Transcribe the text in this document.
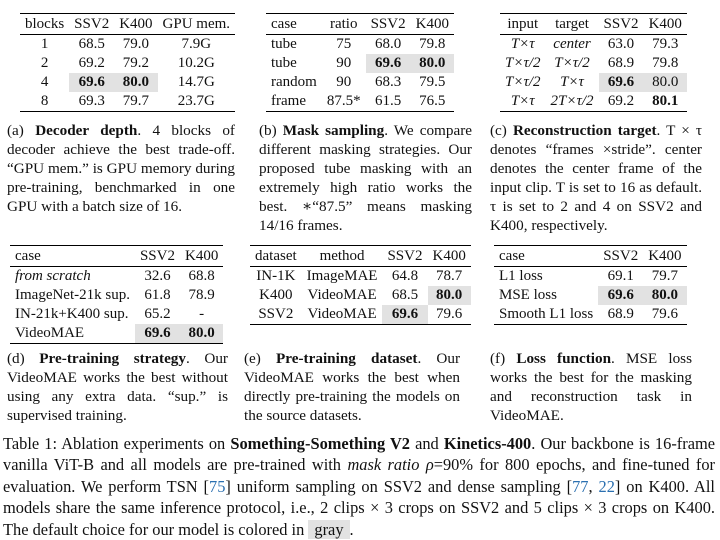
blocks	SSV2	K400	GPU mem.
1	68.5	79.0	7.9G
2	69.2	79.2	10.2G
4	69.6	80.0	14.7G
8	69.3	79.7	23.7G
(a) Decoder depth. 4 blocks of decoder achieve the best trade-off. “GPU mem.” is GPU memory during pre-training, benchmarked in one GPU with a batch size of 16.
case	ratio	SSV2	K400
tube	75	68.0	79.8
tube	90	69.6	80.0
random	90	68.3	79.5
frame	87.5*	61.5	76.5
(b) Mask sampling. We compare different masking strategies. Our proposed tube masking with an extremely high ratio works the best. ∗“87.5” means masking 14/16 frames.
input	target	SSV2	K400
T×τ	center	63.0	79.3
T×τ/2	T×τ/2	68.9	79.8
T×τ/2	T×τ	69.6	80.0
T×τ	2T×τ/2	69.2	80.1
(c) Reconstruction target. T × τ denotes “frames ×stride”. center denotes the center frame of the input clip. T is set to 16 as default. τ is set to 2 and 4 on SSV2 and K400, respectively.
case	SSV2	K400
from scratch	32.6	68.8
ImageNet-21k sup.	61.8	78.9
IN-21k+K400 sup.	65.2	-
VideoMAE	69.6	80.0
(d) Pre-training strategy. Our VideoMAE works the best without using any extra data. “sup.” is supervised training.
dataset	method	SSV2	K400
IN-1K	ImageMAE	64.8	78.7
K400	VideoMAE	68.5	80.0
SSV2	VideoMAE	69.6	79.6
(e) Pre-training dataset. Our VideoMAE works the best when directly pre-training the models on the source datasets.
case	SSV2	K400
L1 loss	69.1	79.7
MSE loss	69.6	80.0
Smooth L1 loss	68.9	79.6
(f) Loss function. MSE loss works the best for the masking and reconstruction task in VideoMAE.
Table 1: Ablation experiments on Something-Something V2 and Kinetics-400. Our backbone is 16-frame vanilla ViT-B and all models are pre-trained with mask ratio ρ=90% for 800 epochs, and fine-tuned for evaluation. We perform TSN [75] uniform sampling on SSV2 and dense sampling [77, 22] on K400. All models share the same inference protocol, i.e., 2 clips × 3 crops on SSV2 and 5 clips × 3 crops on K400. The default choice for our model is colored in gray .
